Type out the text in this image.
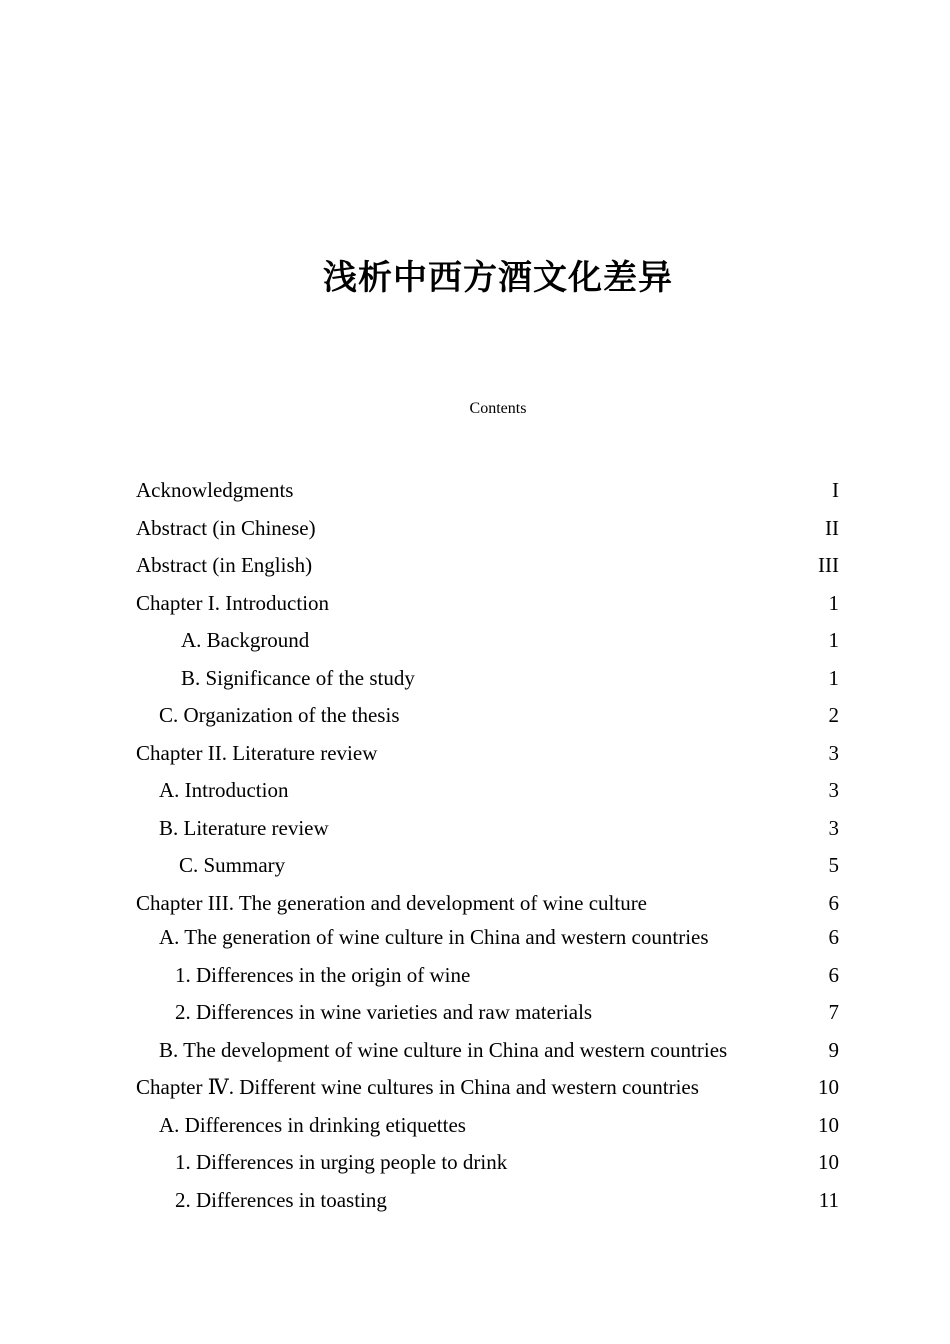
浅析中西方酒文化差异
Contents
Acknowledgments	I
Abstract (in Chinese)	II
Abstract (in English)	III
Chapter I. Introduction	1
A. Background	1
B. Significance of the study	1
C. Organization of the thesis	2
Chapter II. Literature review	3
A. Introduction	3
B. Literature review	3
C. Summary	5
Chapter III. The generation and development of wine culture	6
A. The generation of wine culture in China and western countries	6
1. Differences in the origin of wine	6
2. Differences in wine varieties and raw materials	7
B. The development of wine culture in China and western countries	9
Chapter Ⅳ. Different wine cultures in China and western countries	10
A. Differences in drinking etiquettes	10
1. Differences in urging people to drink	10
2. Differences in toasting	11
